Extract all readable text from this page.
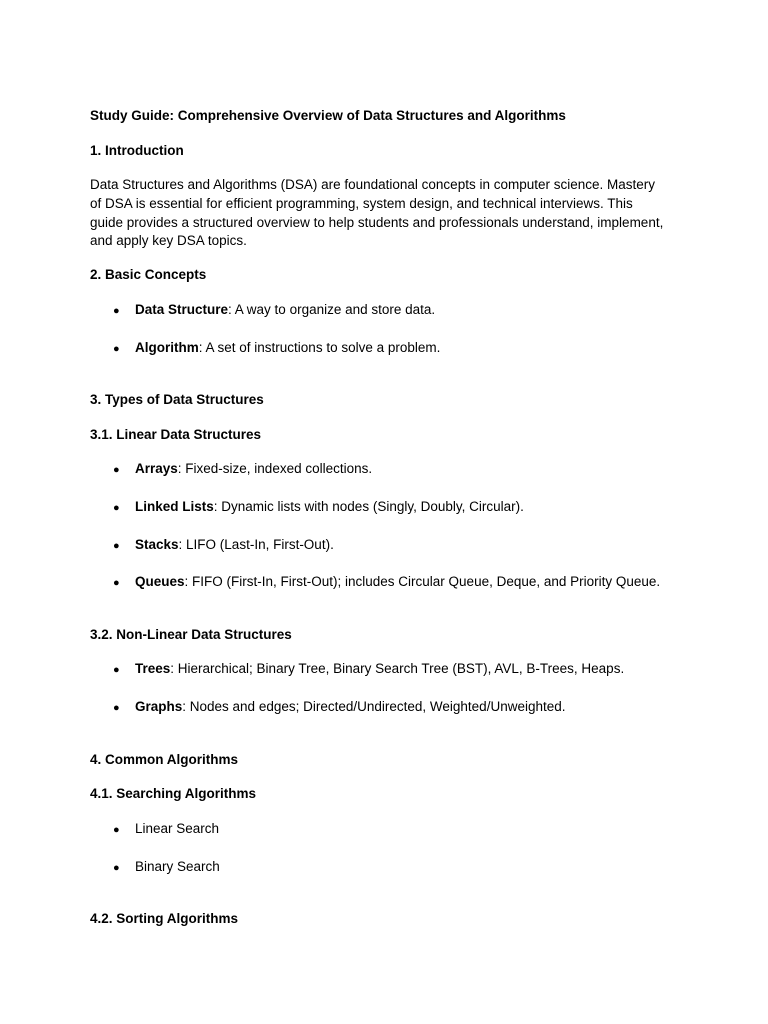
Study Guide: Comprehensive Overview of Data Structures and Algorithms
1. Introduction
Data Structures and Algorithms (DSA) are foundational concepts in computer science. Mastery
of DSA is essential for efficient programming, system design, and technical interviews. This
guide provides a structured overview to help students and professionals understand, implement,
and apply key DSA topics.
2. Basic Concepts
● Data Structure: A way to organize and store data.
● Algorithm: A set of instructions to solve a problem.
3. Types of Data Structures
3.1. Linear Data Structures
● Arrays: Fixed-size, indexed collections.
● Linked Lists: Dynamic lists with nodes (Singly, Doubly, Circular).
● Stacks: LIFO (Last-In, First-Out).
● Queues: FIFO (First-In, First-Out); includes Circular Queue, Deque, and Priority Queue.
3.2. Non-Linear Data Structures
● Trees: Hierarchical; Binary Tree, Binary Search Tree (BST), AVL, B-Trees, Heaps.
● Graphs: Nodes and edges; Directed/Undirected, Weighted/Unweighted.
4. Common Algorithms
4.1. Searching Algorithms
● Linear Search
● Binary Search
4.2. Sorting Algorithms
